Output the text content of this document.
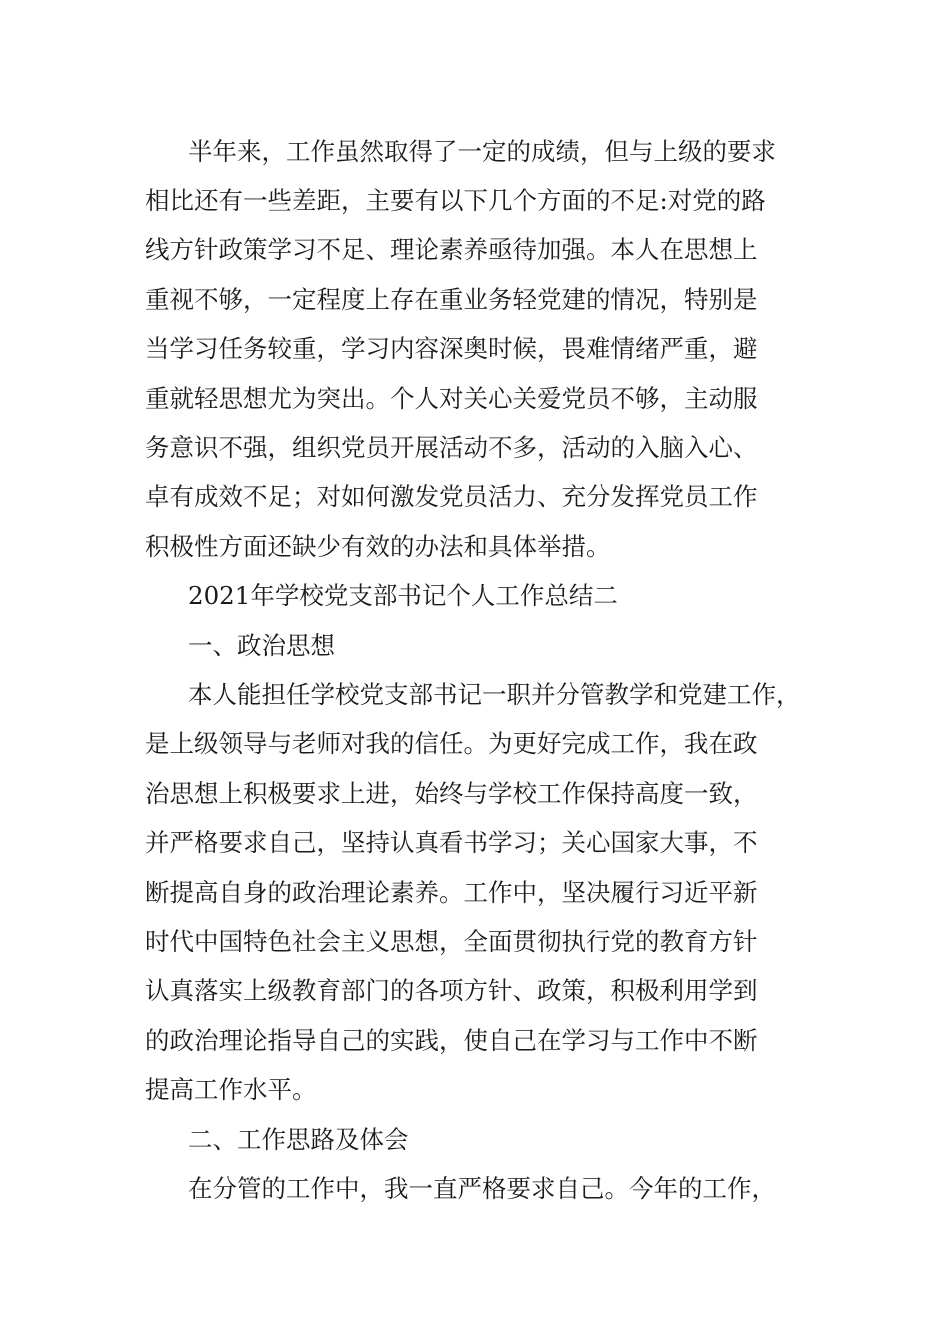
半年来，工作虽然取得了一定的成绩，但与上级的要求
相比还有一些差距，主要有以下几个方面的不足:对党的路
线方针政策学习不足、理论素养亟待加强。本人在思想上
重视不够，一定程度上存在重业务轻党建的情况，特别是
当学习任务较重，学习内容深奥时候，畏难情绪严重，避
重就轻思想尤为突出。个人对关心关爱党员不够，主动服
务意识不强，组织党员开展活动不多，活动的入脑入心、
卓有成效不足；对如何激发党员活力、充分发挥党员工作
积极性方面还缺少有效的办法和具体举措。
2021年学校党支部书记个人工作总结二
一、政治思想
本人能担任学校党支部书记一职并分管教学和党建工作，
是上级领导与老师对我的信任。为更好完成工作，我在政
治思想上积极要求上进，始终与学校工作保持高度一致，
并严格要求自己，坚持认真看书学习；关心国家大事，不
断提高自身的政治理论素养。工作中，坚决履行习近平新
时代中国特色社会主义思想，全面贯彻执行党的教育方针
认真落实上级教育部门的各项方针、政策，积极利用学到
的政治理论指导自己的实践，使自己在学习与工作中不断
提高工作水平。
二、工作思路及体会
在分管的工作中，我一直严格要求自己。今年的工作，
